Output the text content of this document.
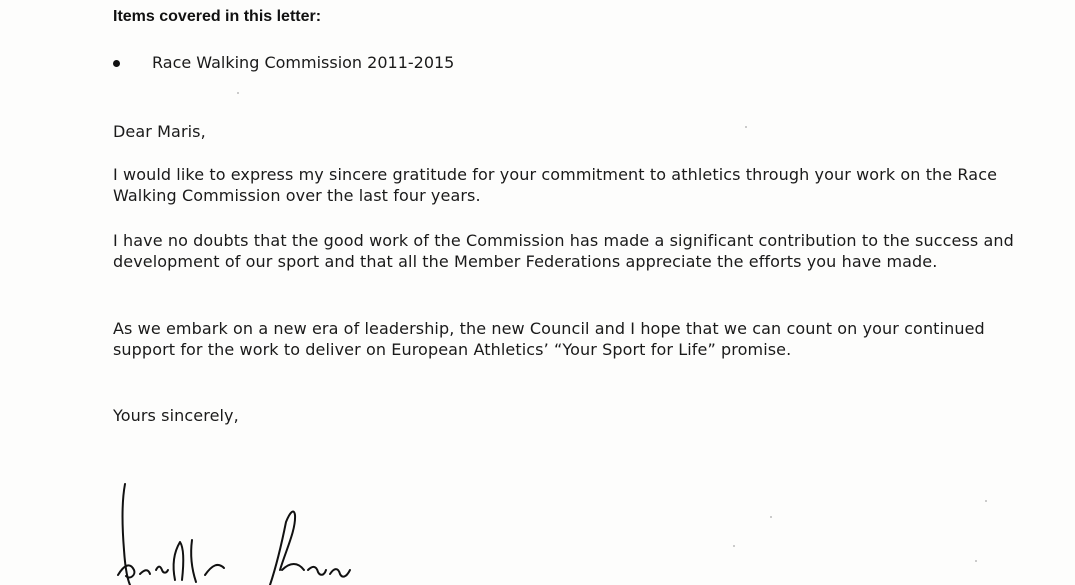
Items covered in this letter:
Race Walking Commission 2011-2015
Dear Maris,
I would like to express my sincere gratitude for your commitment to athletics through your work on the Race Walking Commission over the last four years.
I have no doubts that the good work of the Commission has made a significant contribution to the success and development of our sport and that all the Member Federations appreciate the efforts you have made.
As we embark on a new era of leadership, the new Council and I hope that we can count on your continued support for the work to deliver on European Athletics’ “Your Sport for Life” promise.
Yours sincerely,
